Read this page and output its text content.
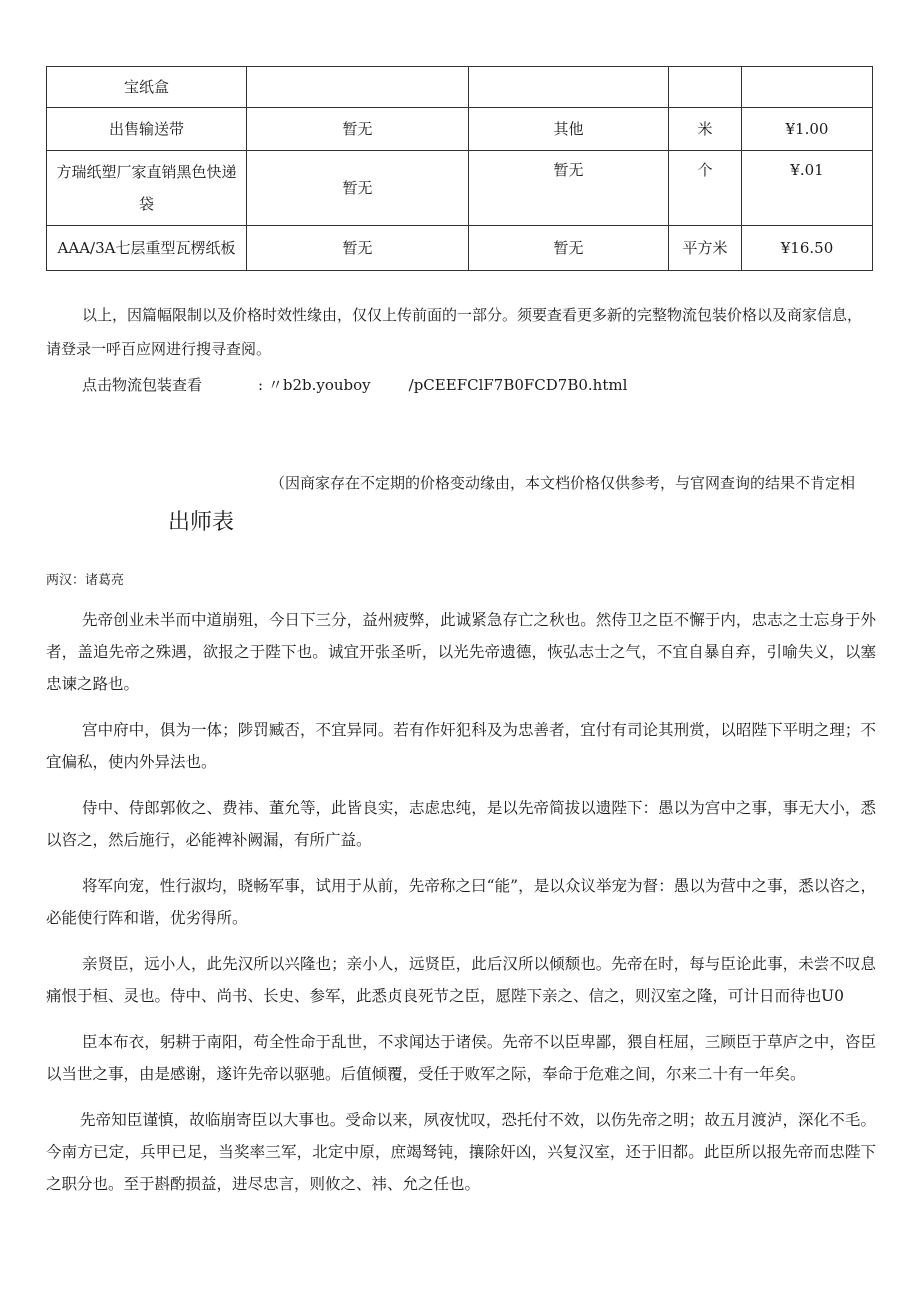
宝纸盒				
出售输送带	暂无	其他	米	¥1.00
方瑞纸塑厂家直销黑色快递袋	暂无	暂无	个	¥.01
AAA/3A七层重型瓦楞纸板	暂无	暂无	平方米	¥16.50

以上，因篇幅限制以及价格时效性缘由，仅仅上传前面的一部分。须要查看更多新的完整物流包装价格以及商家信息，请登录一呼百应网进行搜寻查阅。

点击物流包装查看	: 〃b2b.youboy	/pCEEFClF7B0FCD7B0.html
（因商家存在不定期的价格变动缘由，本文档价格仅供参考，与官网查询的结果不肯定相
出师表
两汉：诸葛亮

先帝创业未半而中道崩殂，今日下三分，益州疲弊，此诚紧急存亡之秋也。然侍卫之臣不懈于内，忠志之士忘身于外者，盖追先帝之殊遇，欲报之于陛下也。诚宜开张圣听，以光先帝遗德，恢弘志士之气，不宜自暴自弃，引喻失义，以塞忠谏之路也。

宫中府中，俱为一体；陟罚臧否，不宜异同。若有作奸犯科及为忠善者，宜付有司论其刑赏，以昭陛下平明之理；不宜偏私，使内外异法也。

侍中、侍郎郭攸之、费祎、董允等，此皆良实，志虑忠纯，是以先帝简拔以遗陛下：愚以为宫中之事，事无大小，悉以咨之，然后施行，必能裨补阙漏，有所广益。

将军向宠，性行淑均，晓畅军事，试用于从前，先帝称之曰“能”，是以众议举宠为督：愚以为营中之事，悉以咨之，必能使行阵和谐，优劣得所。

亲贤臣，远小人，此先汉所以兴隆也；亲小人，远贤臣，此后汉所以倾颓也。先帝在时，每与臣论此事，未尝不叹息痛恨于桓、灵也。侍中、尚书、长史、参军，此悉贞良死节之臣，愿陛下亲之、信之，则汉室之隆，可计日而待也U0

臣本布衣，躬耕于南阳，苟全性命于乱世，不求闻达于诸侯。先帝不以臣卑鄙，猥自枉屈，三顾臣于草庐之中，咨臣以当世之事，由是感谢，遂许先帝以驱驰。后值倾覆，受任于败军之际，奉命于危难之间，尔来二十有一年矣。

先帝知臣谨慎，故临崩寄臣以大事也。受命以来，夙夜忧叹，恐托付不效，以伤先帝之明；故五月渡泸，深化不毛。今南方已定，兵甲已足，当奖率三军，北定中原，庶竭驽钝，攘除奸凶，兴复汉室，还于旧都。此臣所以报先帝而忠陛下之职分也。至于斟酌损益，进尽忠言，则攸之、祎、允之任也。
